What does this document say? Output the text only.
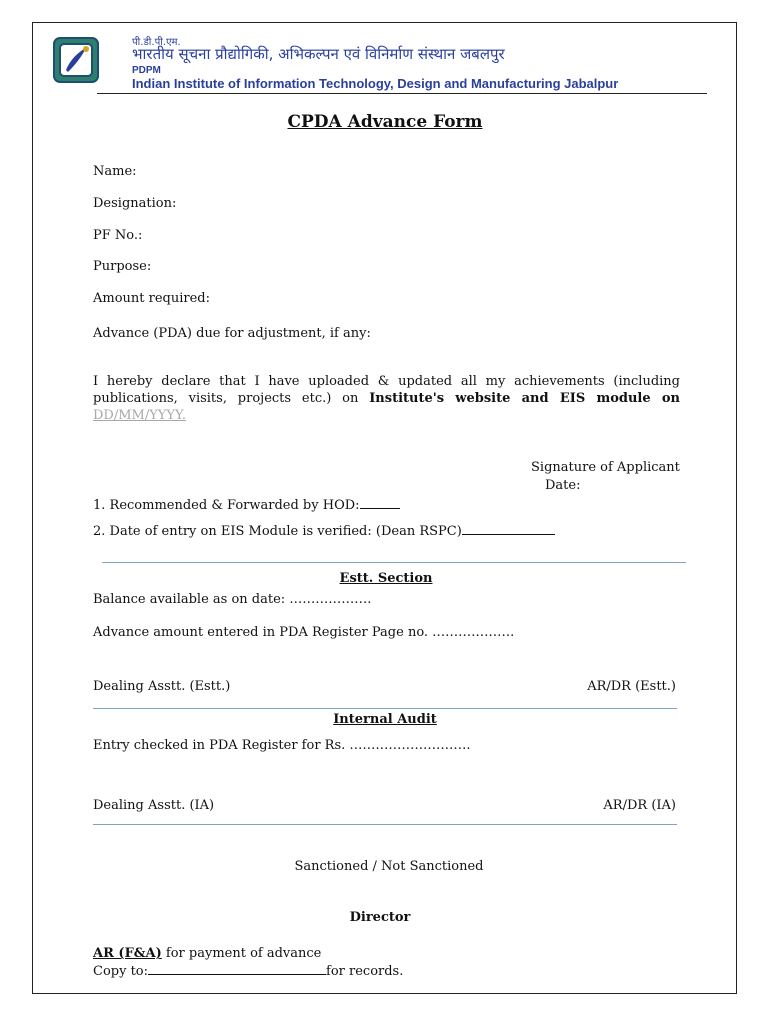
पी.डी.पी.एम.
भारतीय सूचना प्रौद्योगिकी, अभिकल्पन एवं विनिर्माण संस्थान जबलपुर
PDPM
Indian Institute of Information Technology, Design and Manufacturing Jabalpur
CPDA Advance Form
Name:
Designation:
PF No.:
Purpose:
Amount required:
Advance (PDA) due for adjustment, if any:
I hereby declare that I have uploaded & updated all my achievements (including publications, visits, projects etc.) on Institute's website and EIS module on DD/MM/YYYY.
Signature of Applicant
Date:
1. Recommended & Forwarded by HOD:
2. Date of entry on EIS Module is verified: (Dean RSPC)
Estt. Section
Balance available as on date: ……………….
Advance amount entered in PDA Register Page no. ……………….
Dealing Asstt. (Estt.)	AR/DR (Estt.)
Internal Audit
Entry checked in PDA Register for Rs. ……………………….
Dealing Asstt. (IA)	AR/DR (IA)
Sanctioned / Not Sanctioned
Director
AR (F&A) for payment of advance
Copy to:	for records.
